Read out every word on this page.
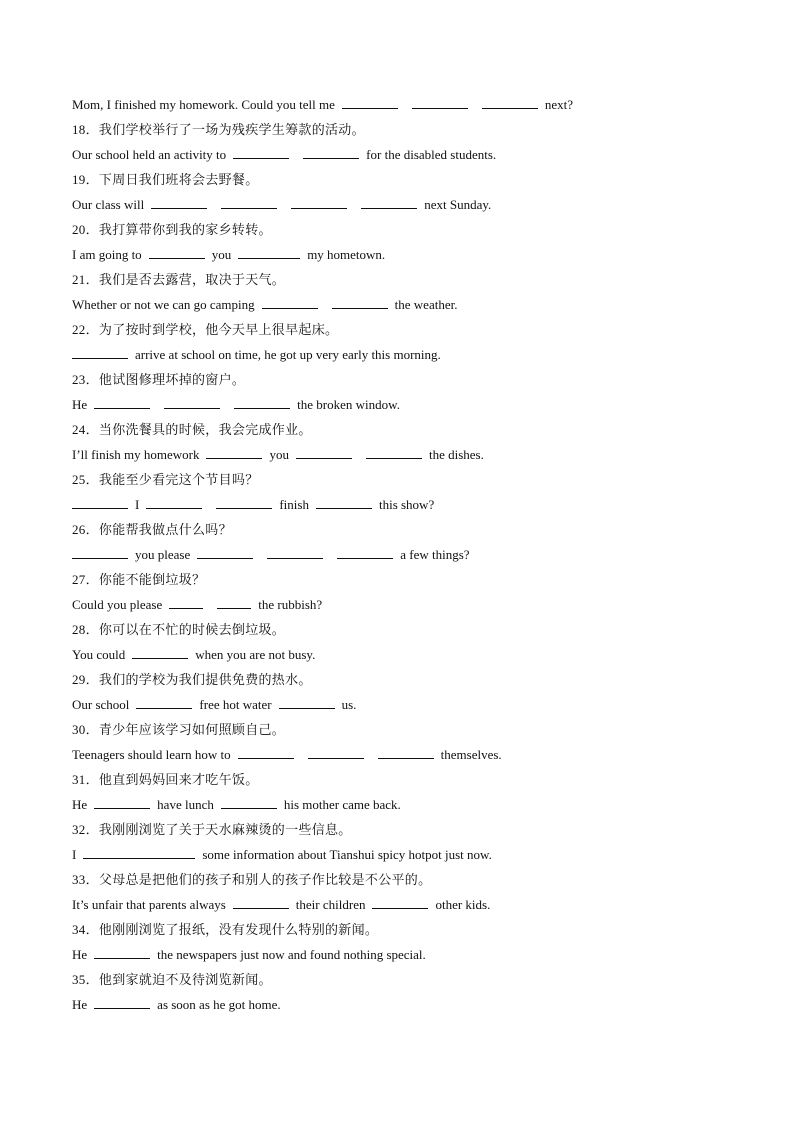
Mom, I finished my homework. Could you tell me	next?
18．我们学校举行了一场为残疾学生筹款的活动。
Our school held an activity to	for the disabled students.
19．下周日我们班将会去野餐。
Our class will	next Sunday.
20．我打算带你到我的家乡转转。
I am going to	you	my hometown.
21．我们是否去露营，取决于天气。
Whether or not we can go camping	the weather.
22．为了按时到学校，他今天早上很早起床。
arrive at school on time, he got up very early this morning.
23．他试图修理坏掉的窗户。
He	the broken window.
24．当你洗餐具的时候，我会完成作业。
I’ll finish my homework	you	the dishes.
25．我能至少看完这个节目吗？
I	finish	this show?
26．你能帮我做点什么吗？
you please	a few things?
27．你能不能倒垃圾？
Could you please	the rubbish?
28．你可以在不忙的时候去倒垃圾。
You could	when you are not busy.
29．我们的学校为我们提供免费的热水。
Our school	free hot water	us.
30．青少年应该学习如何照顾自己。
Teenagers should learn how to	themselves.
31．他直到妈妈回来才吃午饭。
He	have lunch	his mother came back.
32．我刚刚浏览了关于天水麻辣烫的一些信息。
I	some information about Tianshui spicy hotpot just now.
33．父母总是把他们的孩子和别人的孩子作比较是不公平的。
It’s unfair that parents always	their children	other kids.
34．他刚刚浏览了报纸，没有发现什么特别的新闻。
He	the newspapers just now and found nothing special.
35．他到家就迫不及待浏览新闻。
He	as soon as he got home.
